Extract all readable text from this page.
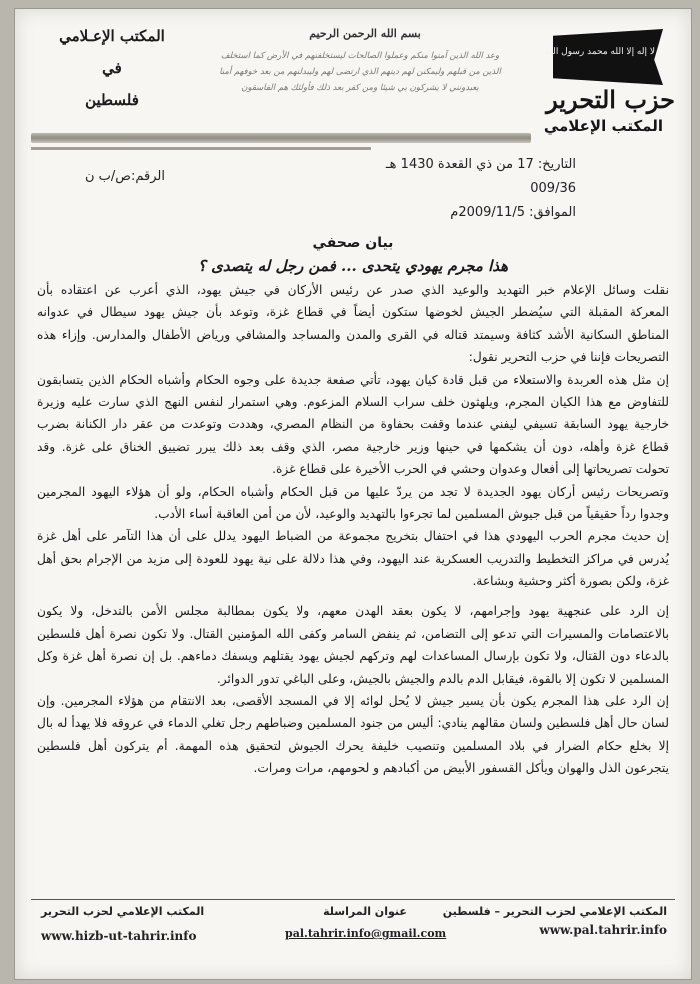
لا إله إلا الله محمد رسول الله
حزب التحرير
المكتب الإعلامي
بسم الله الرحمن الرحيم
وعد الله الذين آمنوا منكم وعملوا الصالحات ليستخلفنهم في الأرض كما استخلف
الذين من قبلهم وليمكنن لهم دينهم الذي ارتضى لهم وليبدلنهم من بعد خوفهم أمنا
يعبدونني لا يشركون بي شيئا ومن كفر بعد ذلك فأولئك هم الفاسقون
المكتب الإعـلامي
في
فلسطين
التاريخ: 17 من ذي القعدة 1430 هـ
009/36
الموافق: 2009/11/5م
الرقم:ص/ب ن
بيان صحفي
هذا مجرم يهودي يتحدى ... فمن رجل له يتصدى ؟
نقلت وسائل الإعلام خبر التهديد والوعيد الذي صدر عن رئيس الأركان في جيش يهود، الذي أعرب عن اعتقاده بأن
المعركة المقبلة التي سيُضطر الجيش لخوضها ستكون أيضاً في قطاع غزة، وتوعد بأن جيش يهود سيطال في عدوانه
المناطق السكانية الأشد كثافة وسيمتد قتاله في القرى والمدن والمساجد والمشافي ورياض الأطفال والمدارس. وإزاء هذه
التصريحات فإننا في حزب التحرير نقول:
إن مثل هذه العربدة والاستعلاء من قبل قادة كيان يهود، تأتي صفعة جديدة على وجوه الحكام وأشباه الحكام الذين يتسابقون
للتفاوض مع هذا الكيان المجرم، ويلهثون خلف سراب السلام المزعوم. وهي استمرار لنفس النهج الذي سارت عليه وزيرة
خارجية يهود السابقة تسيفي ليفني عندما وقفت بحفاوة من النظام المصري، وهددت وتوعدت من عقر دار الكنانة بضرب
قطاع غزة وأهله، دون أن يشكمها في حينها وزير خارجية مصر، الذي وقف بعد ذلك يبرر تضييق الخناق على غزة. وقد
تحولت تصريحاتها إلى أفعال وعدوان وحشي في الحرب الأخيرة على قطاع غزة.
وتصريحات رئيس أركان يهود الجديدة لا تجد من يردّ عليها من قبل الحكام وأشباه الحكام، ولو أن هؤلاء اليهود المجرمين
وجدوا رداً حقيقياً من قبل جيوش المسلمين لما تجرءوا بالتهديد والوعيد، لأن من أمن العاقبة أساء الأدب.
إن حديث مجرم الحرب اليهودي هذا في احتفال بتخريج مجموعة من الضباط اليهود يدلل على أن هذا التآمر على أهل غزة
يُدرس في مراكز التخطيط والتدريب العسكرية عند اليهود، وفي هذا دلالة على نية يهود للعودة إلى مزيد من الإجرام بحق أهل
غزة، ولكن بصورة أكثر وحشية وبشاعة.
إن الرد على عنجهية يهود وإجرامهم، لا يكون بعقد الهدن معهم، ولا يكون بمطالبة مجلس الأمن بالتدخل، ولا يكون
بالاعتصامات والمسيرات التي تدعو إلى التضامن، ثم ينفض السامر وكفى الله المؤمنين القتال. ولا تكون نصرة أهل فلسطين
بالدعاء دون القتال، ولا تكون بإرسال المساعدات لهم وتركهم لجيش يهود يقتلهم ويسفك دماءهم. بل إن نصرة أهل غزة وكل
المسلمين لا تكون إلا بالقوة، فيقابل الدم بالدم والجيش بالجيش، وعلى الباغي تدور الدوائر.
إن الرد على هذا المجرم يكون بأن يسير جيش لا يُحل لوائه إلا في المسجد الأقصى، بعد الانتقام من هؤلاء المجرمين. وإن
لسان حال أهل فلسطين ولسان مقالهم ينادي: أليس من جنود المسلمين وضباطهم رجل تغلي الدماء في عروقه فلا يهدأ له بال
إلا بخلع حكام الضرار في بلاد المسلمين وتنصيب خليفة يحرك الجيوش لتحقيق هذه المهمة. أم يتركون أهل فلسطين
يتجرعون الذل والهوان ويأكل القسفور الأبيض من أكبادهم و لحومهم، مرات ومرات.
المكتب الإعلامي لحزب التحرير – فلسطين
عنوان المراسلة
المكتب الإعلامي لحزب التحرير
www.pal.tahrir.info
pal.tahrir.info@gmail.com
www.hizb-ut-tahrir.info
